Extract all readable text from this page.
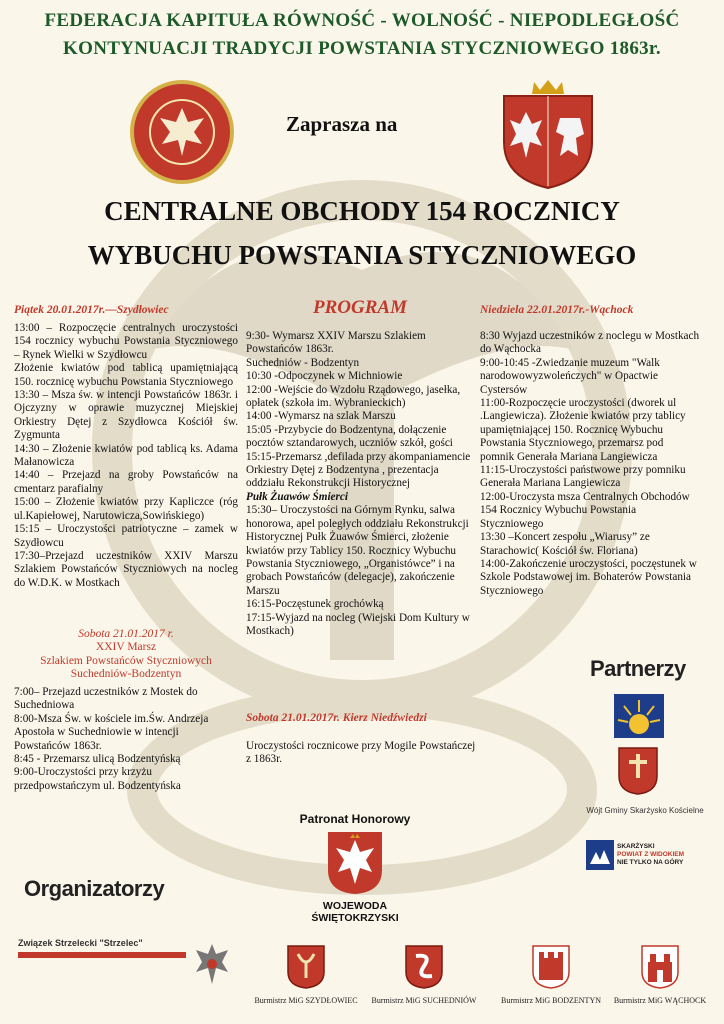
FEDERACJA KAPITUŁA RÓWNOŚĆ - WOLNOŚĆ - NIEPODLEGŁOŚĆ
KONTYNUACJI TRADYCJI POWSTANIA STYCZNIOWEGO 1863r.
Zaprasza na
CENTRALNE OBCHODY 154 ROCZNICY
WYBUCHU POWSTANIA STYCZNIOWEGO
Piątek 20.01.2017r.—Szydłowiec	PROGRAM	Niedziela 22.01.2017r.-Wąchock

13:00 – Rozpoczęcie centralnych uroczystości 154 rocznicy wybuchu Powstania Styczniowego – Rynek Wielki w Szydłowcu

Złożenie kwiatów pod tablicą upamiętniającą 150. rocznicę wybuchu Powstania Styczniowego

13:30 – Msza św. w intencji Powstańców 1863r. i Ojczyzny w oprawie muzycznej Miejskiej Orkiestry Dętej z Szydłowca Kościół św. Zygmunta

14:30 – Złożenie kwiatów pod tablicą ks. Adama Małanowicza

14:40 – Przejazd na groby Powstańców na cmentarz parafialny

15:00 – Złożenie kwiatów przy Kapliczce (róg ul.Kapiełowej, Narutowicza,Sowińskiego)

15:15 – Uroczystości patriotyczne – zamek w Szydłowcu

17:30–Przejazd uczestników XXIV Marszu Szlakiem Powstańców Styczniowych na nocleg do W.D.K. w Mostkach

Sobota 21.01.2017 r.
XXIV Marsz
Szlakiem Powstańców Styczniowych
Suchedniów-Bodzentyn

7:00– Przejazd uczestników z Mostek do Suchedniowa

8:00-Msza Św. w kościele im.Św. Andrzeja Apostoła w Suchedniowie w intencji Powstańców 1863r.

8:45 - Przemarsz ulicą Bodzentyńską

9:00-Uroczystości przy krzyżu przedpowstańczym ul. Bodzentyńska

9:30- Wymarsz XXIV Marszu Szlakiem Powstańców 1863r.

Suchedniów - Bodzentyn

10:30 -Odpoczynek w Michniowie

12:00 -Wejście do Wzdołu Rządowego, jasełka, opłatek (szkoła im. Wybranieckich)

14:00 -Wymarsz na szlak Marszu

15:05 -Przybycie do Bodzentyna, dołączenie pocztów sztandarowych, uczniów szkół, gości

15:15-Przemarsz ,defilada przy akompaniamencie Orkiestry Dętej z Bodzentyna , prezentacja oddziału Rekonstrukcji Historycznej

Pułk Żuawów Śmierci

15:30– Uroczystości na Górnym Rynku, salwa honorowa, apel poległych oddziału Rekonstrukcji Historycznej Pułk Żuawów Śmierci, złożenie kwiatów przy Tablicy 150. Rocznicy Wybuchu Powstania Styczniowego, „Organistówce” i na grobach Powstańców (delegacje), zakończenie Marszu

16:15-Poczęstunek grochówką

17:15-Wyjazd na nocleg (Wiejski Dom Kultury w Mostkach)

Sobota 21.01.2017r. Kierz Niedźwiedzi

Uroczystości rocznicowe przy Mogile Powstańczej z 1863r.

8:30 Wyjazd uczestników z noclegu w Mostkach do Wąchocka

9:00-10:45 -Zwiedzanie muzeum "Walk narodowowyzwoleńczych" w Opactwie Cystersów

11:00-Rozpoczęcie uroczystości (dworek ul .Langiewicza). Złożenie kwiatów przy tablicy upamiętniającej 150. Rocznicę Wybuchu Powstania Styczniowego, przemarsz pod pomnik Generała Mariana Langiewicza

11:15-Uroczystości państwowe przy pomniku Generała Mariana Langiewicza

12:00-Uroczysta msza Centralnych Obchodów 154 Rocznicy Wybuchu Powstania Styczniowego

13:30 –Koncert zespołu „Wiarusy” ze Starachowic( Kościół św. Floriana)

14:00-Zakończenie uroczystości, poczęstunek w Szkole Podstawowej im. Bohaterów Powstania Styczniowego

Partnerzy
Wójt Gminy Skarżysko Kościelne
SKARŻYSKI
POWIAT Z WIDOKIEM
NIE TYLKO NA GÓRY
Patronat Honorowy
WOJEWODA
ŚWIĘTOKRZYSKI
Organizatorzy
Związek Strzelecki "Strzelec"
Burmistrz MiG SZYDŁOWIEC	Burmistrz MiG SUCHEDNIÓW	Burmistrz MiG BODZENTYN	Burmistrz MiG WĄCHOCK
